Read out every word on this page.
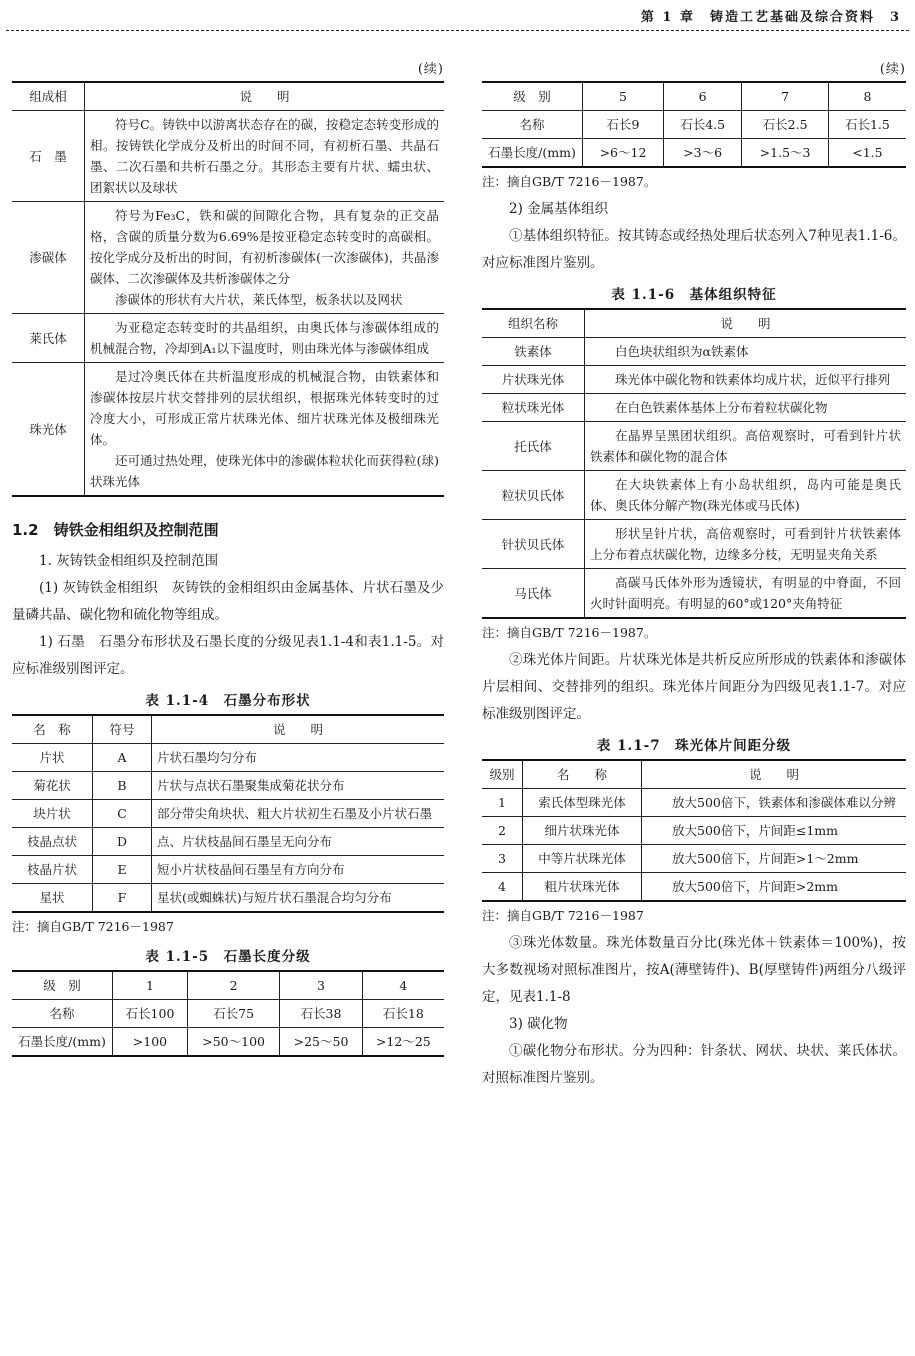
第 1 章　铸造工艺基础及综合资料　3
(续)
组成相	说　　明
石　墨	符号C。铸铁中以游离状态存在的碳，按稳定态转变形成的相。按铸铁化学成分及析出的时间不同，有初析石墨、共晶石墨、二次石墨和共析石墨之分。其形态主要有片状、蠕虫状、团絮状以及球状

渗碳体	符号为Fe₃C，铁和碳的间隙化合物，具有复杂的正交晶格，含碳的质量分数为6.69%是按亚稳定态转变时的高碳相。按化学成分及析出的时间，有初析渗碳体(一次渗碳体)，共晶渗碳体、二次渗碳体及共析渗碳体之分
渗碳体的形状有大片状，莱氏体型，板条状以及网状

莱氏体	为亚稳定态转变时的共晶组织，由奥氏体与渗碳体组成的机械混合物，冷却到A₁以下温度时，则由珠光体与渗碳体组成

珠光体	是过冷奥氏体在共析温度形成的机械混合物，由铁素体和渗碳体按层片状交替排列的层状组织，根据珠光体转变时的过冷度大小，可形成正常片状珠光体、细片状珠光体及极细珠光体。
还可通过热处理，使珠光体中的渗碳体粒状化而获得粒(球)状珠光体
1.2　铸铁金相组织及控制范围

1. 灰铸铁金相组织及控制范围

(1) 灰铸铁金相组织　灰铸铁的金相组织由金属基体、片状石墨及少量磷共晶、碳化物和硫化物等组成。

1) 石墨　石墨分布形状及石墨长度的分级见表1.1-4和表1.1-5。对应标准级别图评定。

表 1.1-4　石墨分布形状
名　称	符号	说　　明
片状	A	片状石墨均匀分布
菊花状	B	片状与点状石墨聚集成菊花状分布
块片状	C	部分带尖角块状、粗大片状初生石墨及小片状石墨
枝晶点状	D	点、片状枝晶间石墨呈无向分布
枝晶片状	E	短小片状枝晶间石墨呈有方向分布
星状	F	星状(或蜘蛛状)与短片状石墨混合均匀分布
注：摘自GB/T 7216－1987
表 1.1-5　石墨长度分级
级　别	1	2	3	4
名称	石长100	石长75	石长38	石长18
石墨长度/(mm)	>100	>50～100	>25～50	>12～25
(续)
级　别	5	6	7	8
名称	石长9	石长4.5	石长2.5	石长1.5
石墨长度/(mm)	>6～12	>3～6	>1.5～3	<1.5
注：摘自GB/T 7216－1987。

2) 金属基体组织

①基体组织特征。按其铸态或经热处理后状态列入7种见表1.1-6。对应标准图片鉴别。

表 1.1-6　基体组织特征
组织名称	说　　明
铁素体	白色块状组织为α铁素体
片状珠光体	珠光体中碳化物和铁素体均成片状，近似平行排列
粒状珠光体	在白色铁素体基体上分布着粒状碳化物
托氏体	在晶界呈黑团状组织。高倍观察时，可看到针片状铁素体和碳化物的混合体
粒状贝氏体	在大块铁素体上有小岛状组织，岛内可能是奥氏体、奥氏体分解产物(珠光体或马氏体)
针状贝氏体	形状呈针片状，高倍观察时，可看到针片状铁素体上分布着点状碳化物，边缘多分枝，无明显夹角关系
马氏体	高碳马氏体外形为透镜状，有明显的中脊面，不回火时针面明亮。有明显的60°或120°夹角特征
注：摘自GB/T 7216－1987。

②珠光体片间距。片状珠光体是共析反应所形成的铁素体和渗碳体片层相间、交替排列的组织。珠光体片间距分为四级见表1.1-7。对应标准级别图评定。

表 1.1-7　珠光体片间距分级
级别	名　　称	说　　明
1	索氏体型珠光体	放大500倍下，铁素体和渗碳体难以分辨
2	细片状珠光体	放大500倍下，片间距≤1mm
3	中等片状珠光体	放大500倍下，片间距>1～2mm
4	粗片状珠光体	放大500倍下，片间距>2mm
注：摘自GB/T 7216－1987

③珠光体数量。珠光体数量百分比(珠光体＋铁素体＝100%)，按大多数视场对照标准图片，按A(薄壁铸件)、B(厚壁铸件)两组分八级评定，见表1.1-8

3) 碳化物

①碳化物分布形状。分为四种：针条状、网状、块状、莱氏体状。对照标准图片鉴别。
